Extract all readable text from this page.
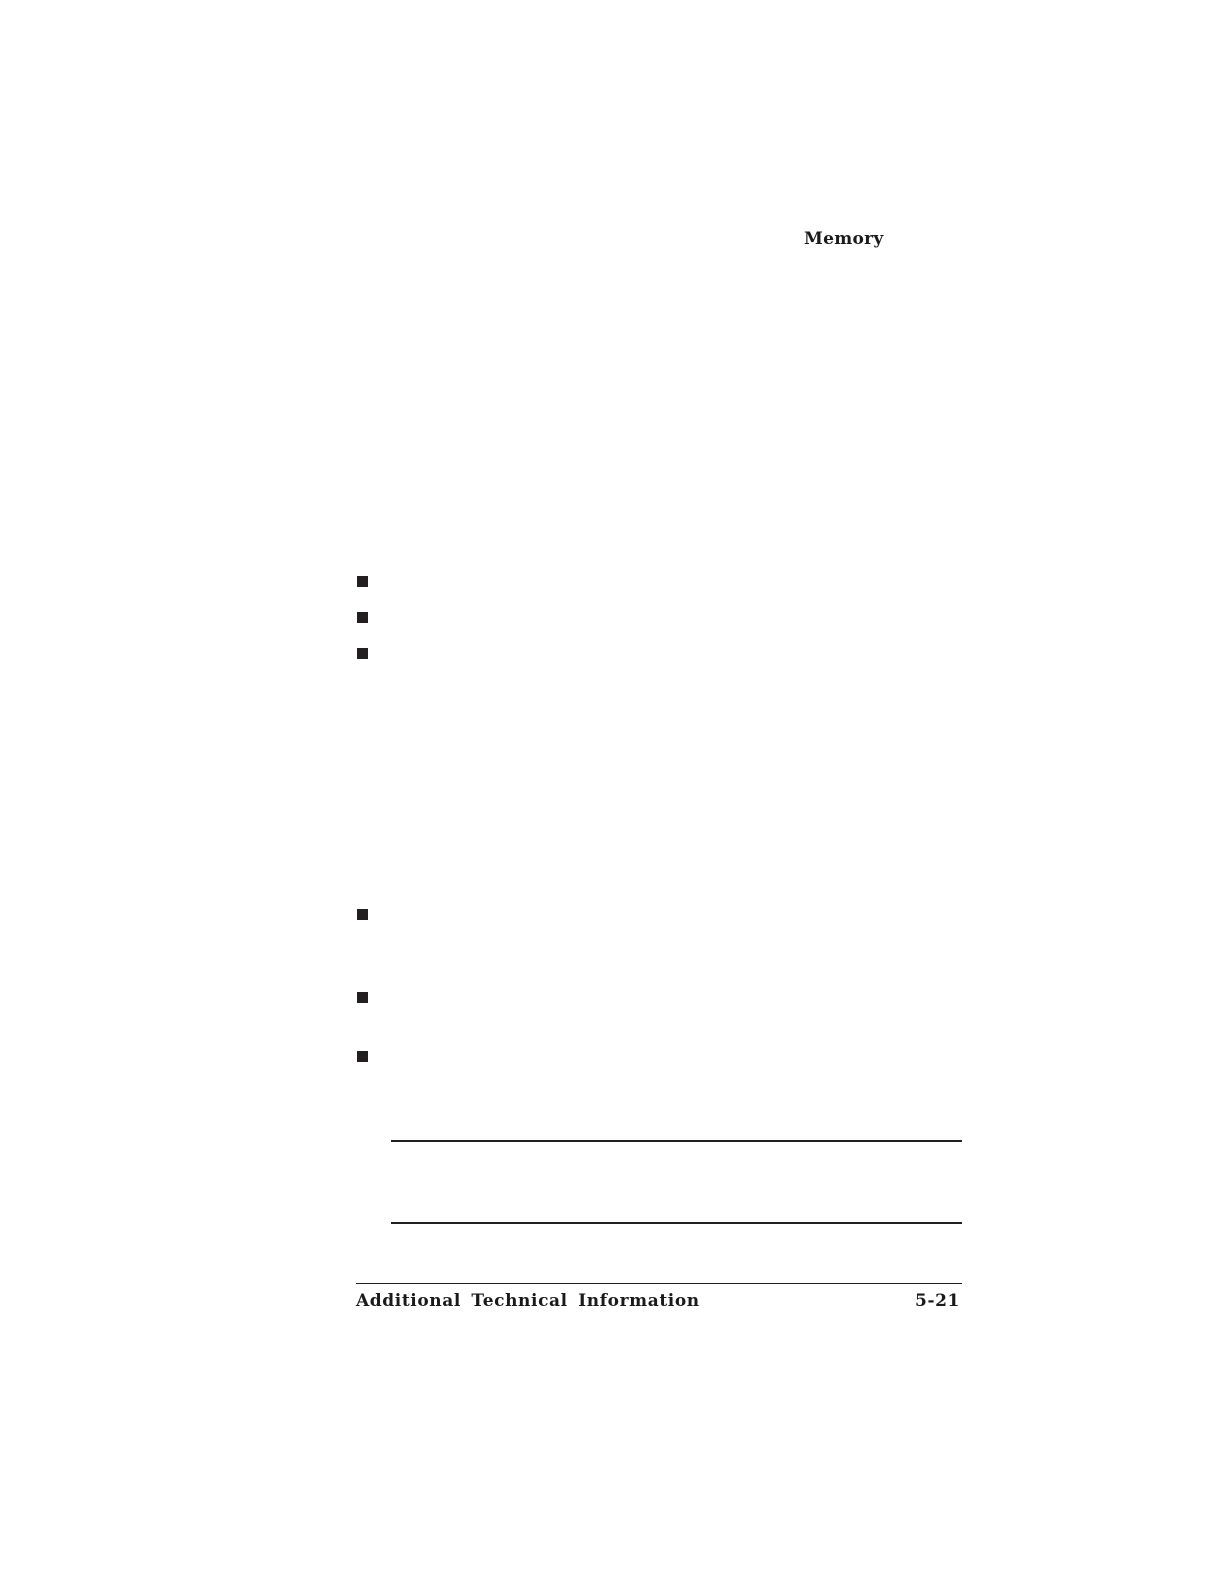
Memory
Additional Technical Information	5-21
